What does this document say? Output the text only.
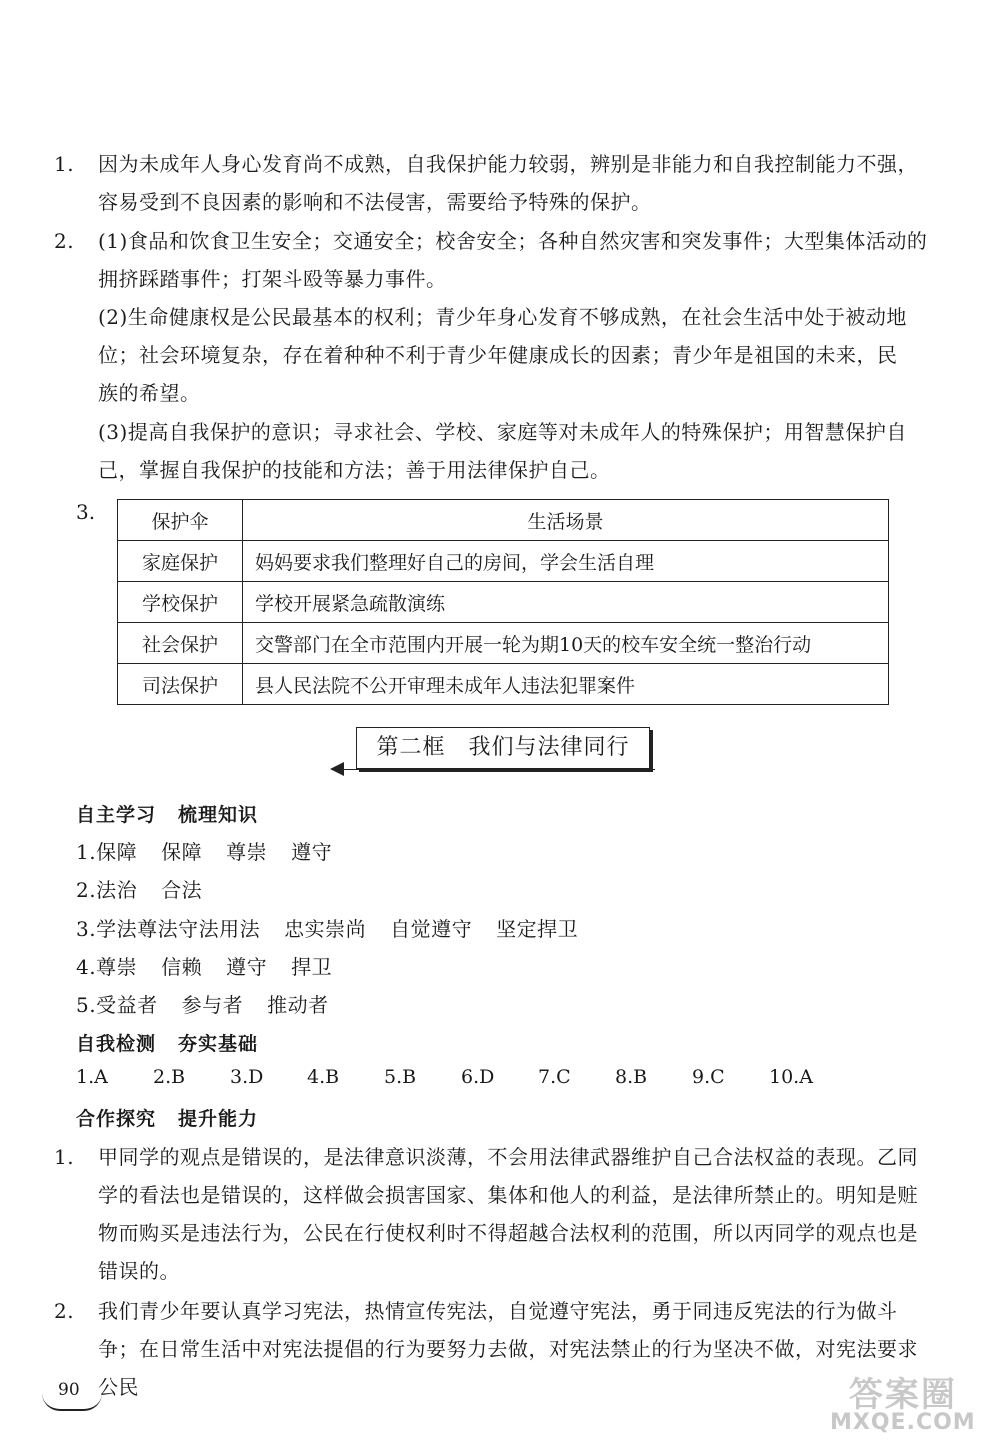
1. 因为未成年人身心发育尚不成熟，自我保护能力较弱，辨别是非能力和自我控制能力不强，容易受到不良因素的影响和不法侵害，需要给予特殊的保护。
2. (1)食品和饮食卫生安全；交通安全；校舍安全；各种自然灾害和突发事件；大型集体活动的拥挤踩踏事件；打架斗殴等暴力事件。
(2)生命健康权是公民最基本的权利；青少年身心发育不够成熟，在社会生活中处于被动地位；社会环境复杂，存在着种种不利于青少年健康成长的因素；青少年是祖国的未来，民族的希望。
(3)提高自我保护的意识；寻求社会、学校、家庭等对未成年人的特殊保护；用智慧保护自己，掌握自我保护的技能和方法；善于用法律保护自己。
3.	保护伞	生活场景
家庭保护	妈妈要求我们整理好自己的房间，学会生活自理
学校保护	学校开展紧急疏散演练
社会保护	交警部门在全市范围内开展一轮为期10天的校车安全统一整治行动
司法保护	县人民法院不公开审理未成年人违法犯罪案件
第二框　我们与法律同行
自主学习 梳理知识
1.保障 保障 尊崇 遵守
2.法治 合法
3.学法尊法守法用法 忠实崇尚 自觉遵守 坚定捍卫
4.尊崇 信赖 遵守 捍卫
5.受益者 参与者 推动者
自我检测 夯实基础
1.A 2.B 3.D 4.B 5.B 6.D 7.C 8.B 9.C 10.A
合作探究 提升能力
1. 甲同学的观点是错误的，是法律意识淡薄，不会用法律武器维护自己合法权益的表现。乙同学的看法也是错误的，这样做会损害国家、集体和他人的利益，是法律所禁止的。明知是赃物而购买是违法行为，公民在行使权利时不得超越合法权利的范围，所以丙同学的观点也是错误的。
2. 我们青少年要认真学习宪法，热情宣传宪法，自觉遵守宪法，勇于同违反宪法的行为做斗争；在日常生活中对宪法提倡的行为要努力去做，对宪法禁止的行为坚决不做，对宪法要求公民
90	答案圈
MXQE.COM
